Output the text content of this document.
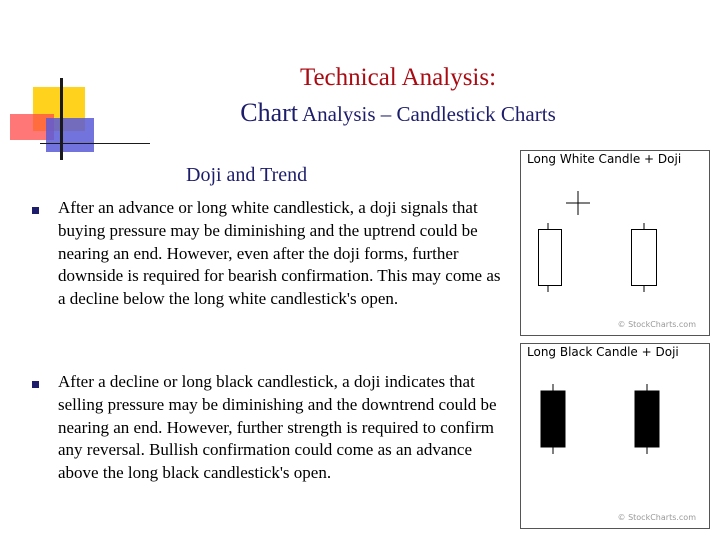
Technical Analysis:
Chart Analysis – Candlestick Charts
Doji and Trend
After an advance or long white candlestick, a doji signals that buying pressure may be diminishing and the uptrend could be nearing an end. However, even after the doji forms, further downside is required for bearish confirmation. This may come as a decline below the long white candlestick's open.
After a decline or long black candlestick, a doji indicates that selling pressure may be diminishing and the downtrend could be nearing an end. However, further strength is required to confirm any reversal. Bullish confirmation could come as an advance above the long black candlestick's open.
Long White Candle + Doji
© StockCharts.com
Long Black Candle + Doji
© StockCharts.com
